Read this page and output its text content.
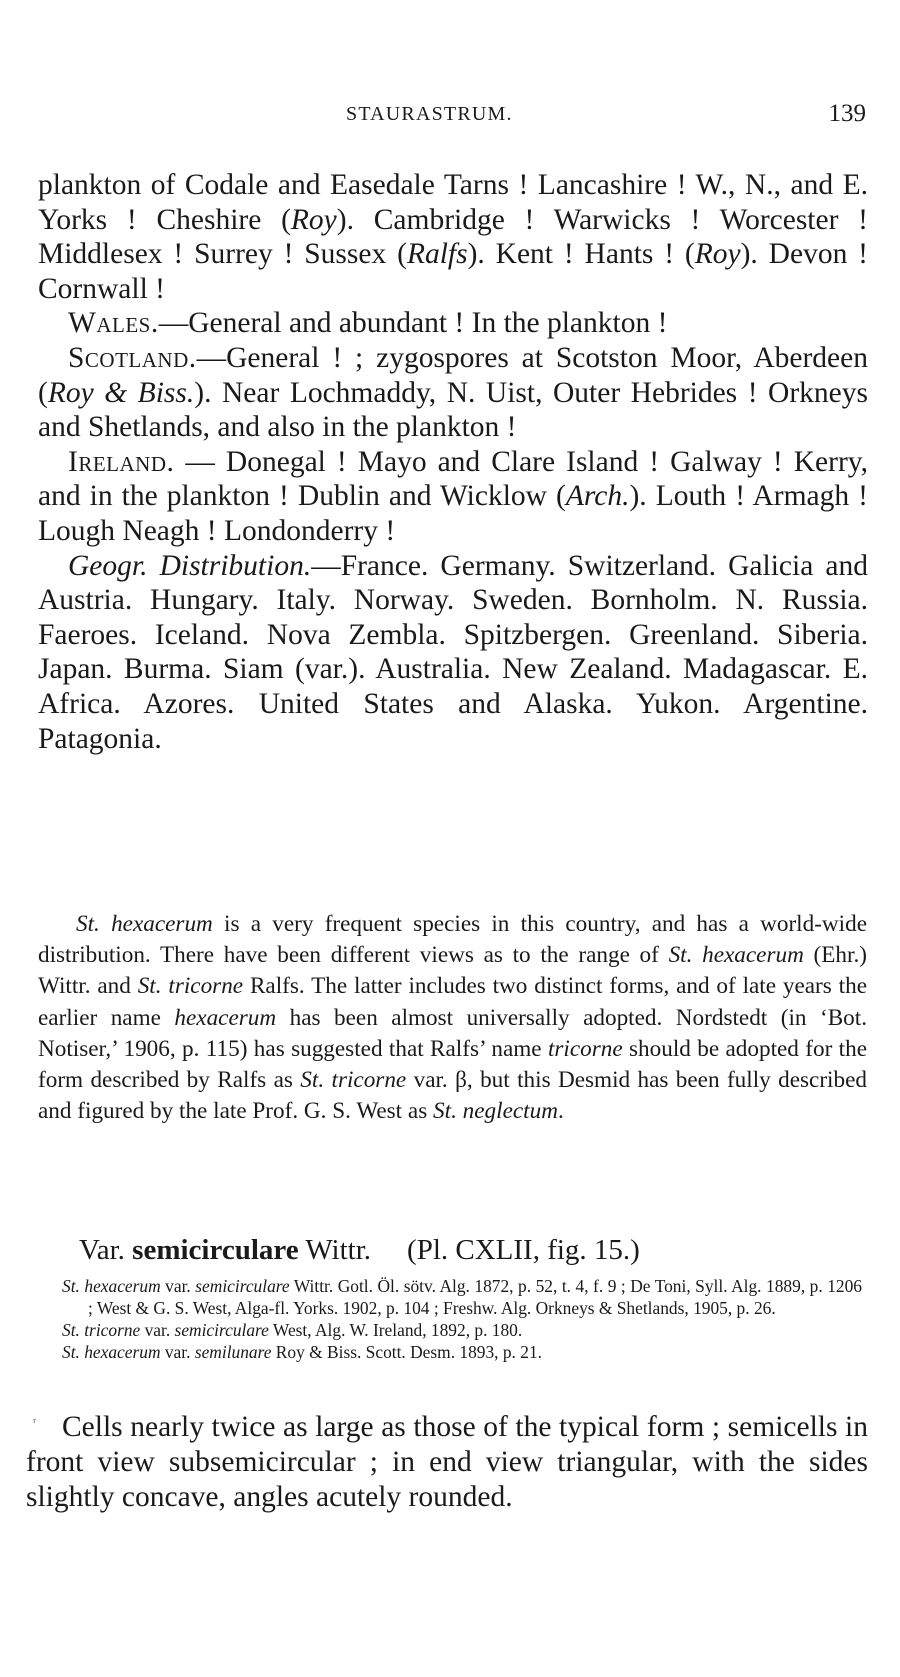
STAURASTRUM.	139

plankton of Codale and Easedale Tarns ! Lancashire ! W., N., and E. Yorks ! Cheshire (Roy). Cambridge ! Warwicks ! Worcester ! Middlesex ! Surrey ! Sussex (Ralfs). Kent ! Hants ! (Roy). Devon ! Cornwall !

Wales.—General and abundant ! In the plankton !

Scotland.—General ! ; zygospores at Scotston Moor, Aberdeen (Roy & Biss.). Near Lochmaddy, N. Uist, Outer Hebrides ! Orkneys and Shetlands, and also in the plankton !

Ireland. — Donegal ! Mayo and Clare Island ! Galway ! Kerry, and in the plankton ! Dublin and Wicklow (Arch.). Louth ! Armagh ! Lough Neagh ! Londonderry !

Geogr. Distribution.—France. Germany. Switzerland. Galicia and Austria. Hungary. Italy. Norway. Sweden. Bornholm. N. Russia. Faeroes. Iceland. Nova Zembla. Spitzbergen. Greenland. Siberia. Japan. Burma. Siam (var.). Australia. New Zealand. Madagascar. E. Africa. Azores. United States and Alaska. Yukon. Argentine. Patagonia.

St. hexacerum is a very frequent species in this country, and has a world-wide distribution. There have been different views as to the range of St. hexacerum (Ehr.) Wittr. and St. tricorne Ralfs. The latter includes two distinct forms, and of late years the earlier name hexacerum has been almost universally adopted. Nordstedt (in ‘Bot. Notiser,’ 1906, p. 115) has suggested that Ralfs’ name tricorne should be adopted for the form described by Ralfs as St. tricorne var. β, but this Desmid has been fully described and figured by the late Prof. G. S. West as St. neglectum.

Var. semicirculare Wittr. (Pl. CXLII, fig. 15.)

St. hexacerum var. semicirculare Wittr. Gotl. Öl. sötv. Alg. 1872, p. 52, t. 4, f. 9 ; De Toni, Syll. Alg. 1889, p. 1206 ; West & G. S. West, Alga-fl. Yorks. 1902, p. 104 ; Freshw. Alg. Orkneys & Shetlands, 1905, p. 26.

St. tricorne var. semicirculare West, Alg. W. Ireland, 1892, p. 180.

St. hexacerum var. semilunare Roy & Biss. Scott. Desm. 1893, p. 21.

ʳ Cells nearly twice as large as those of the typical form ; semicells in front view subsemicircular ; in end view triangular, with the sides slightly concave, angles acutely rounded.
